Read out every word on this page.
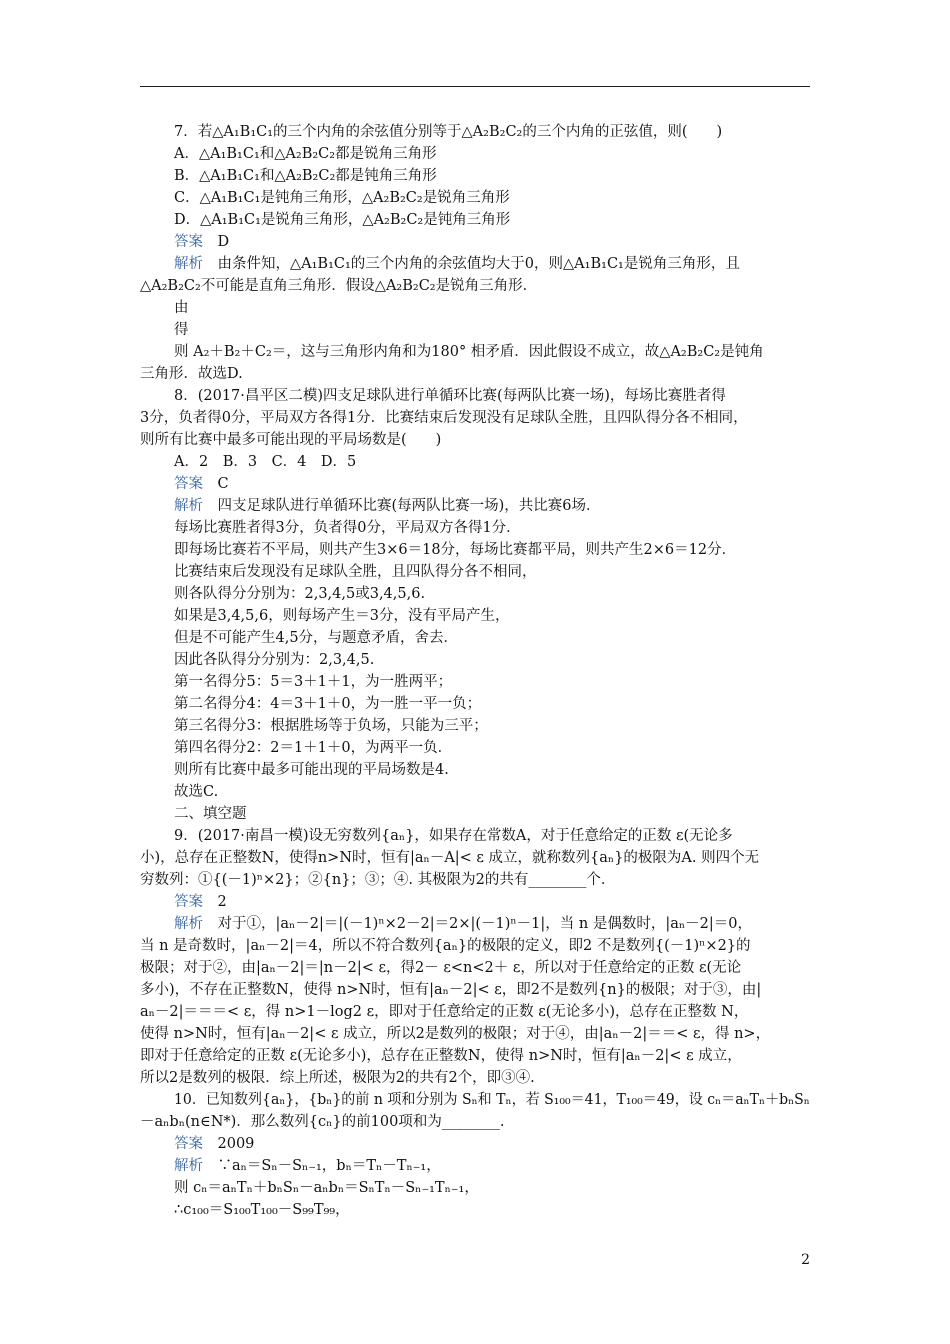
7．若△A₁B₁C₁的三个内角的余弦值分别等于△A₂B₂C₂的三个内角的正弦值，则(　　)
A．△A₁B₁C₁和△A₂B₂C₂都是锐角三角形
B．△A₁B₁C₁和△A₂B₂C₂都是钝角三角形
C．△A₁B₁C₁是钝角三角形，△A₂B₂C₂是锐角三角形
D．△A₁B₁C₁是锐角三角形，△A₂B₂C₂是钝角三角形
答案　 D
解析　由条件知，△A₁B₁C₁的三个内角的余弦值均大于0，则△A₁B₁C₁是锐角三角形，且
△A₂B₂C₂不可能是直角三角形．假设△A₂B₂C₂是锐角三角形．
由
得
则 A₂＋B₂＋C₂＝，这与三角形内角和为180° 相矛盾．因此假设不成立，故△A₂B₂C₂是钝角
三角形．故选D.
8．(2017·昌平区二模)四支足球队进行单循环比赛(每两队比赛一场)，每场比赛胜者得
3分，负者得0分，平局双方各得1分．比赛结束后发现没有足球队全胜，且四队得分各不相同，
则所有比赛中最多可能出现的平局场数是(　　)
A．2　B．3　C．4　D．5
答案　 C
解析　四支足球队进行单循环比赛(每两队比赛一场)，共比赛6场．
每场比赛胜者得3分，负者得0分，平局双方各得1分．
即每场比赛若不平局，则共产生3×6＝18分，每场比赛都平局，则共产生2×6＝12分．
比赛结束后发现没有足球队全胜，且四队得分各不相同，
则各队得分分别为：2,3,4,5或3,4,5,6.
如果是3,4,5,6，则每场产生＝3分，没有平局产生，
但是不可能产生4,5分，与题意矛盾，舍去．
因此各队得分分别为：2,3,4,5.
第一名得分5：5＝3＋1＋1，为一胜两平；
第二名得分4：4＝3＋1＋0，为一胜一平一负；
第三名得分3：根据胜场等于负场，只能为三平；
第四名得分2：2＝1＋1＋0，为两平一负．
则所有比赛中最多可能出现的平局场数是4.
故选C.
二、填空题
9．(2017·南昌一模)设无穷数列{aₙ}，如果存在常数A，对于任意给定的正数 ε(无论多
小)，总存在正整数N，使得n>N时，恒有|aₙ－A|< ε 成立，就称数列{aₙ}的极限为A. 则四个无
穷数列：①{(－1)ⁿ×2}；②{n}；③；④. 其极限为2的共有________个．
答案　 2
解析　对于①，|aₙ－2|＝|(－1)ⁿ×2－2|＝2×|(－1)ⁿ－1|，当 n 是偶数时，|aₙ－2|＝0，
当 n 是奇数时，|aₙ－2|＝4，所以不符合数列{aₙ}的极限的定义，即2 不是数列{(－1)ⁿ×2}的
极限；对于②，由|aₙ－2|＝|n－2|< ε，得2－ ε<n<2＋ ε，所以对于任意给定的正数 ε(无论
多小)，不存在正整数N，使得 n>N时，恒有|aₙ－2|< ε，即2不是数列{n}的极限；对于③，由|
aₙ－2|＝＝＝< ε，得 n>1－log2 ε，即对于任意给定的正数 ε(无论多小)，总存在正整数 N，
使得 n>N时，恒有|aₙ－2|< ε 成立，所以2是数列的极限；对于④，由|aₙ－2|＝＝< ε，得 n>，
即对于任意给定的正数 ε(无论多小)，总存在正整数N，使得 n>N时，恒有|aₙ－2|< ε 成立，
所以2是数列的极限．综上所述，极限为2的共有2个，即③④.
10．已知数列{aₙ}，{bₙ}的前 n 项和分别为 Sₙ和 Tₙ，若 S₁₀₀＝41，T₁₀₀＝49，设 cₙ＝aₙTₙ＋bₙSₙ
－aₙbₙ(n∈N*)．那么数列{cₙ}的前100项和为________.
答案　 2009
解析　∵aₙ＝Sₙ－Sₙ₋₁，bₙ＝Tₙ－Tₙ₋₁，
则 cₙ＝aₙTₙ＋bₙSₙ－aₙbₙ＝SₙTₙ－Sₙ₋₁Tₙ₋₁，
∴c₁₀₀＝S₁₀₀T₁₀₀－S₉₉T₉₉，
2
